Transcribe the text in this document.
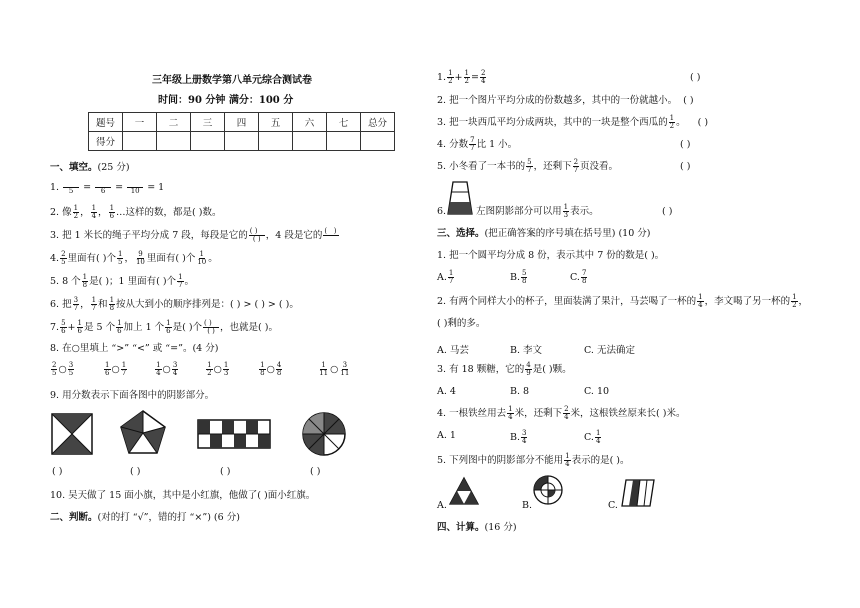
三年级上册数学第八单元综合测试卷
时间：90 分钟 满分：100 分
题号	一	二	三	四	五	六	七	总分
得分								
一、填空。(25 分)
1.
5 =
6 =
10 = 1
2. 像 $\frac{1}{2}$ ， $\frac{1}{4}$ ， $\frac{1}{6}$ …这样的数，都是( )数。
3. 把 1 米长的绳子平均分成 7 段，每段是它的 ( )
( ) ，4 段是它的 (   )

4. $\frac{2}{5}$ 里面有( )个 $\frac{1}{5}$ ， $\frac{9}{10}$ 里面有( )个 $\frac{1}{10}$ 。
5. 8 个 $\frac{1}{8}$ 是( )；1 里面有( )个 $\frac{1}{7}$ 。
6. 把 $\frac{3}{7}$ ， $\frac{1}{7}$ 和 $\frac{1}{8}$ 按从大到小的顺序排列是：( ) > ( ) > ( )。
7. $\frac{5}{6} + \frac{1}{6}$ 是 5 个 $\frac{1}{6}$ 加上 1 个 $\frac{1}{6}$ 是( )个 ( )
( ) ，也就是( )。
8. 在○里填上 “>” “<” 或 “=”。(4 分)
$\frac{2}{5}$ ○ $\frac{3}{5}$
	$\frac{1}{6}$ ○ $\frac{1}{7}$
	$\frac{1}{4}$ ○ $\frac{3}{4}$
	$\frac{1}{2}$ ○ $\frac{1}{3}$
	$\frac{1}{8}$ ○ $\frac{4}{8}$
	$\frac{1}{11}$ ○ $\frac{3}{11}$
9. 用分数表示下面各图中的阴影部分。
( )	( )	( )	( )
10. 吴天做了 15 面小旗，其中是小红旗，他做了( )面小红旗。
二、判断。(对的打 “√”，错的打 “×”) (6 分)
1. $\frac{1}{2} + \frac{1}{2} = \frac{2}{4}$	( )
2. 把一个图片平均分成的份数越多，其中的一份就越小。 ( )
3. 把一块西瓜平均分成两块，其中的一块是整个西瓜的 $\frac{1}{2}$ 。 ( )
4. 分数 $\frac{7}{7}$ 比 1 小。	( )
5. 小冬看了一本书的 $\frac{5}{7}$ ，还剩下 $\frac{2}{7}$ 页没看。	( )
6.	左图阴影部分可以用 $\frac{1}{3}$ 表示。	( )
三、选择。(把正确答案的序号填在括号里) (10 分)
1. 把一个圆平均分成 8 份，表示其中 7 份的数是( )。
A. $\frac{1}{7}$	B. $\frac{5}{8}$	C. $\frac{7}{8}$
2. 有两个同样大小的杯子，里面装满了果汁，马芸喝了一杯的 $\frac{1}{4}$ ，李文喝了另一杯的 $\frac{1}{2}$ ，
( )剩的多。
A. 马芸	B. 李文	C. 无法确定
3. 有 18 颗糖，它的 $\frac{4}{9}$ 是( )颗。
A. 4	B. 8	C. 10
4. 一根铁丝用去 $\frac{1}{4}$ 米，还剩下 $\frac{2}{4}$ 米，这根铁丝原来长( )米。
A. 1	B. $\frac{3}{4}$	C. $\frac{1}{4}$
5. 下列图中的阴影部分不能用 $\frac{1}{4}$ 表示的是( )。
A.	B.	C.
四、计算。(16 分)
